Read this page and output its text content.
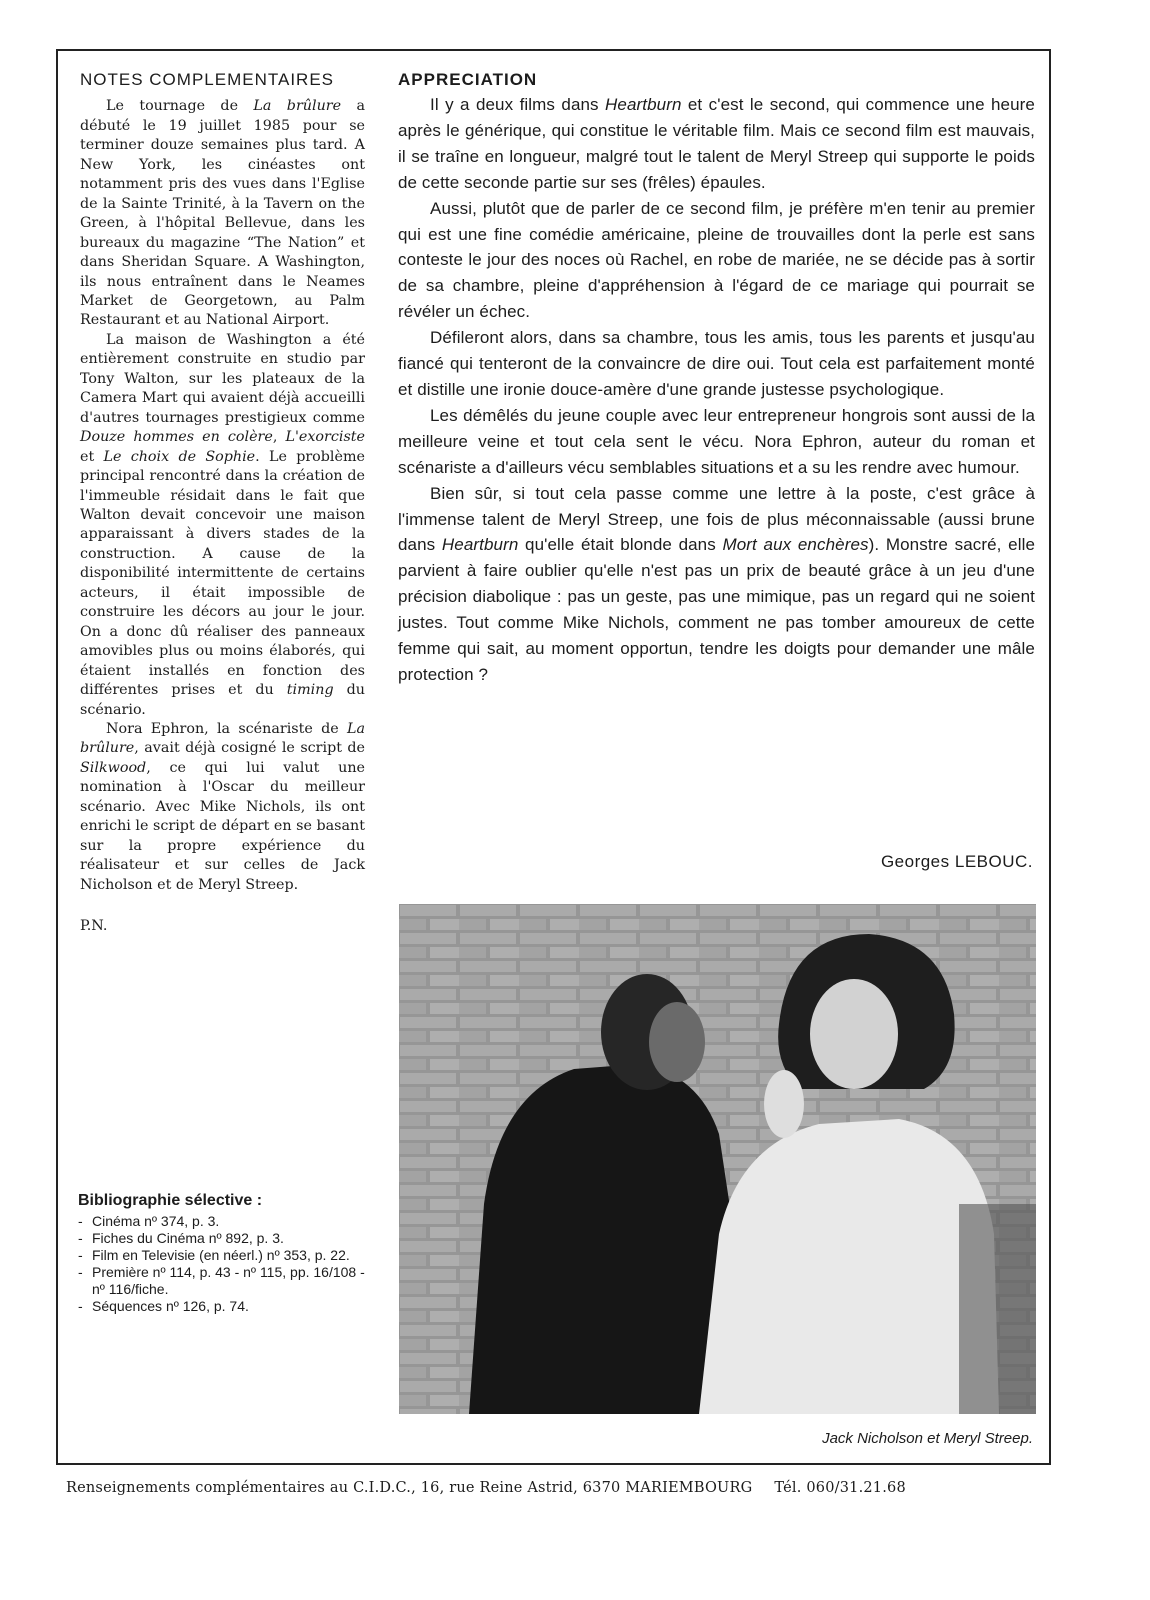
NOTES COMPLEMENTAIRES

Le tournage de La brûlure a débuté le 19 juillet 1985 pour se terminer douze semaines plus tard. A New York, les cinéastes ont notamment pris des vues dans l'Eglise de la Sainte Trinité, à la Tavern on the Green, à l'hôpital Bellevue, dans les bureaux du magazine “The Nation” et dans Sheridan Square. A Washington, ils nous entraînent dans le Neames Market de Georgetown, au Palm Restaurant et au National Airport.

La maison de Washington a été entièrement construite en studio par Tony Walton, sur les plateaux de la Camera Mart qui avaient déjà accueilli d'autres tournages prestigieux comme Douze hommes en colère, L'exorciste et Le choix de Sophie. Le problème principal rencontré dans la création de l'immeuble résidait dans le fait que Walton devait concevoir une maison apparaissant à divers stades de la construction. A cause de la disponibilité intermittente de certains acteurs, il était impossible de construire les décors au jour le jour. On a donc dû réaliser des panneaux amovibles plus ou moins élaborés, qui étaient installés en fonction des différentes prises et du timing du scénario.

Nora Ephron, la scénariste de La brûlure, avait déjà cosigné le script de Silkwood, ce qui lui valut une nomination à l'Oscar du meilleur scénario. Avec Mike Nichols, ils ont enrichi le script de départ en se basant sur la propre expérience du réalisateur et sur celles de Jack Nicholson et de Meryl Streep.

P.N.

Bibliographie sélective :
- Cinéma nº 374, p. 3.
- Fiches du Cinéma nº 892, p. 3.
- Film en Televisie (en néerl.) nº 353, p. 22.
- Première nº 114, p. 43 - nº 115, pp. 16/108 - nº 116/fiche.
- Séquences nº 126, p. 74.
APPRECIATION

Il y a deux films dans Heartburn et c'est le second, qui commence une heure après le générique, qui constitue le véritable film. Mais ce second film est mauvais, il se traîne en longueur, malgré tout le talent de Meryl Streep qui supporte le poids de cette seconde partie sur ses (frêles) épaules.

Aussi, plutôt que de parler de ce second film, je préfère m'en tenir au premier qui est une fine comédie américaine, pleine de trouvailles dont la perle est sans conteste le jour des noces où Rachel, en robe de mariée, ne se décide pas à sortir de sa chambre, pleine d'appréhension à l'égard de ce mariage qui pourrait se révéler un échec.

Défileront alors, dans sa chambre, tous les amis, tous les parents et jusqu'au fiancé qui tenteront de la convaincre de dire oui. Tout cela est parfaitement monté et distille une ironie douce-amère d'une grande justesse psychologique.

Les démêlés du jeune couple avec leur entrepreneur hongrois sont aussi de la meilleure veine et tout cela sent le vécu. Nora Ephron, auteur du roman et scénariste a d'ailleurs vécu semblables situations et a su les rendre avec humour.

Bien sûr, si tout cela passe comme une lettre à la poste, c'est grâce à l'immense talent de Meryl Streep, une fois de plus méconnaissable (aussi brune dans Heartburn qu'elle était blonde dans Mort aux enchères). Monstre sacré, elle parvient à faire oublier qu'elle n'est pas un prix de beauté grâce à un jeu d'une précision diabolique : pas un geste, pas une mimique, pas un regard qui ne soient justes. Tout comme Mike Nichols, comment ne pas tomber amoureux de cette femme qui sait, au moment opportun, tendre les doigts pour demander une mâle protection ?

Georges LEBOUC.
Jack Nicholson et Meryl Streep.
Renseignements complémentaires au C.I.D.C., 16, rue Reine Astrid, 6370 MARIEMBOURG Tél. 060/31.21.68
